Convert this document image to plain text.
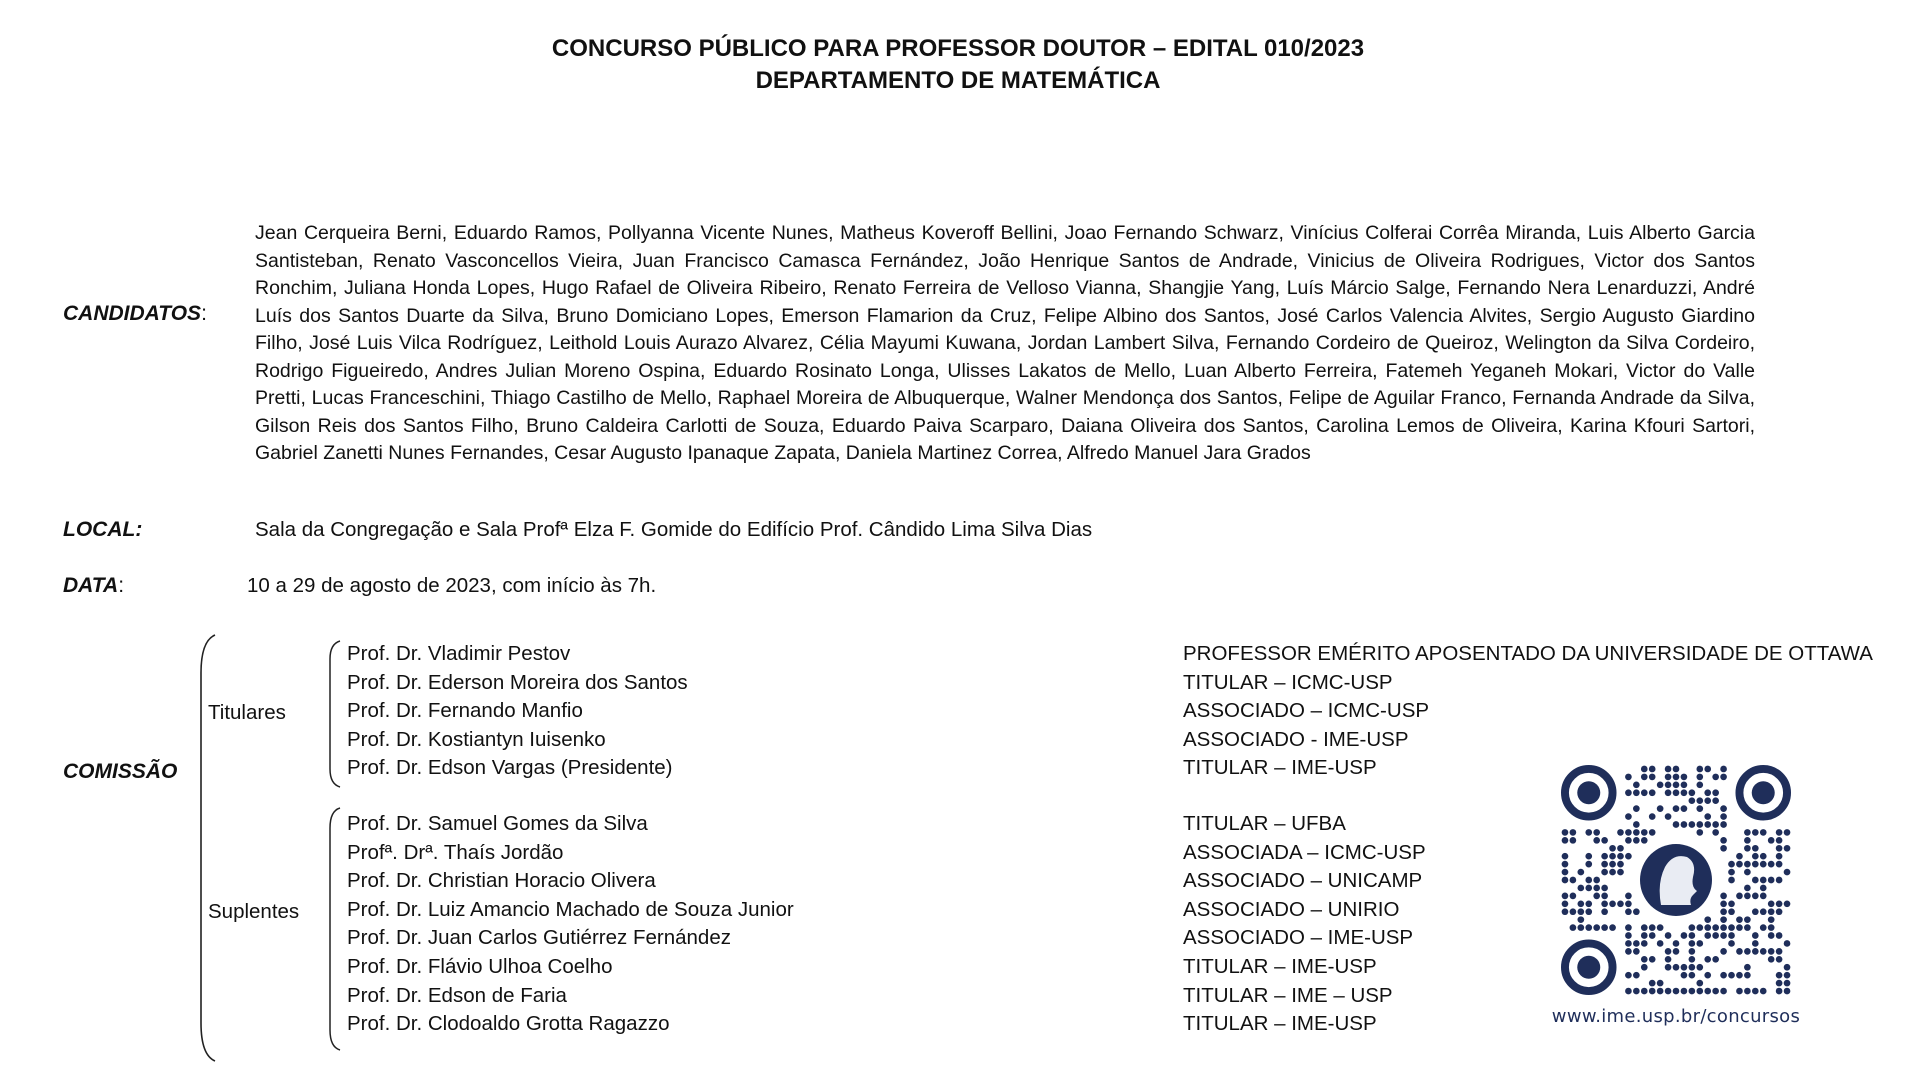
CONCURSO PÚBLICO PARA PROFESSOR DOUTOR – EDITAL 010/2023
DEPARTAMENTO DE MATEMÁTICA
CANDIDATOS:
Jean Cerqueira Berni, Eduardo Ramos, Pollyanna Vicente Nunes, Matheus Koveroff Bellini, Joao Fernando Schwarz, Vinícius Colferai Corrêa Miranda, Luis Alberto Garcia Santisteban, Renato Vasconcellos Vieira, Juan Francisco Camasca Fernández, João Henrique Santos de Andrade, Vinicius de Oliveira Rodrigues, Victor dos Santos Ronchim, Juliana Honda Lopes, Hugo Rafael de Oliveira Ribeiro, Renato Ferreira de Velloso Vianna, Shangjie Yang, Luís Márcio Salge, Fernando Nera Lenarduzzi, André Luís dos Santos Duarte da Silva, Bruno Domiciano Lopes, Emerson Flamarion da Cruz, Felipe Albino dos Santos, José Carlos Valencia Alvites, Sergio Augusto Giardino Filho, José Luis Vilca Rodríguez, Leithold Louis Aurazo Alvarez, Célia Mayumi Kuwana, Jordan Lambert Silva, Fernando Cordeiro de Queiroz, Welington da Silva Cordeiro, Rodrigo Figueiredo, Andres Julian Moreno Ospina, Eduardo Rosinato Longa, Ulisses Lakatos de Mello, Luan Alberto Ferreira, Fatemeh Yeganeh Mokari, Victor do Valle Pretti, Lucas Franceschini, Thiago Castilho de Mello, Raphael Moreira de Albuquerque, Walner Mendonça dos Santos, Felipe de Aguilar Franco, Fernanda Andrade da Silva, Gilson Reis dos Santos Filho, Bruno Caldeira Carlotti de Souza, Eduardo Paiva Scarparo, Daiana Oliveira dos Santos, Carolina Lemos de Oliveira, Karina Kfouri Sartori, Gabriel Zanetti Nunes Fernandes, Cesar Augusto Ipanaque Zapata, Daniela Martinez Correa, Alfredo Manuel Jara Grados
LOCAL:	Sala da Congregação e Sala Profª Elza F. Gomide do Edifício Prof. Cândido Lima Silva Dias
DATA:	10 a 29 de agosto de 2023, com início às 7h.
COMISSÃO
Titulares
Suplentes
Prof. Dr. Vladimir Pestov	PROFESSOR EMÉRITO APOSENTADO DA UNIVERSIDADE DE OTTAWA
Prof. Dr. Ederson Moreira dos Santos	TITULAR – ICMC-USP
Prof. Dr. Fernando Manfio	ASSOCIADO – ICMC-USP
Prof. Dr. Kostiantyn Iuisenko	ASSOCIADO - IME-USP
Prof. Dr. Edson Vargas (Presidente)	TITULAR – IME-USP
Prof. Dr. Samuel Gomes da Silva	TITULAR – UFBA
Profª. Drª. Thaís Jordão	ASSOCIADA – ICMC-USP
Prof. Dr. Christian Horacio Olivera	ASSOCIADO – UNICAMP
Prof. Dr. Luiz Amancio Machado de Souza Junior	ASSOCIADO – UNIRIO
Prof. Dr. Juan Carlos Gutiérrez Fernández	ASSOCIADO – IME-USP
Prof. Dr. Flávio Ulhoa Coelho	TITULAR – IME-USP
Prof. Dr. Edson de Faria	TITULAR – IME – USP
Prof. Dr. Clodoaldo Grotta Ragazzo	TITULAR – IME-USP	www.ime.usp.br/concursos
